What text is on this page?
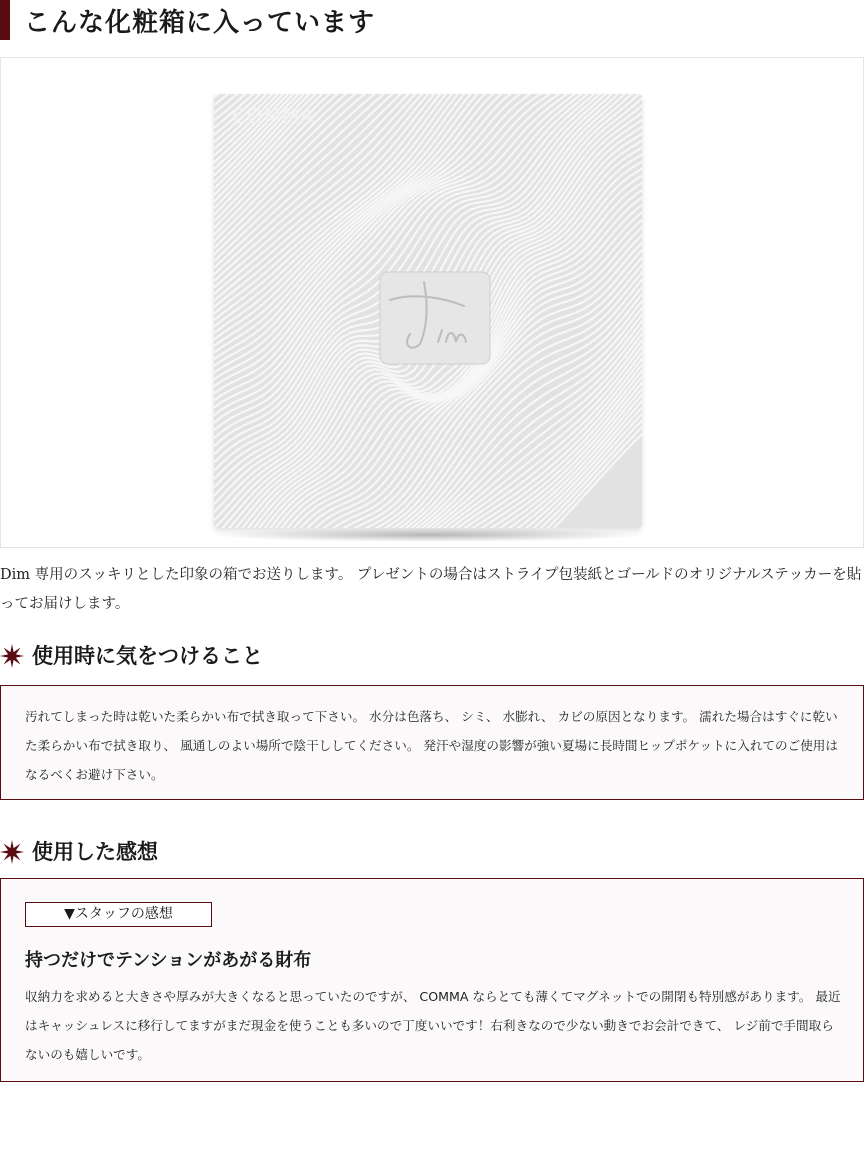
こんな化粧箱に入っています
COMMA

Dim 専用のスッキリとした印象の箱でお送りします。 プレゼントの場合はストライプ包装紙とゴールドのオリジナルステッカーを貼ってお届けします。

使用時に気をつけること

汚れてしまった時は乾いた柔らかい布で拭き取って下さい。 水分は色落ち、 シミ、 水膨れ、 カビの原因となります。 濡れた場合はすぐに乾いた柔らかい布で拭き取り、 風通しのよい場所で陰干ししてください。 発汗や湿度の影響が強い夏場に長時間ヒップポケットに入れてのご使用はなるべくお避け下さい。

使用した感想
▼スタッフの感想
持つだけでテンションがあがる財布

収納力を求めると大きさや厚みが大きくなると思っていたのですが、 COMMA ならとても薄くてマグネットでの開閉も特別感があります。 最近はキャッシュレスに移行してますがまだ現金を使うことも多いので丁度いいです！右利きなので少ない動きでお会計できて、 レジ前で手間取らないのも嬉しいです。
